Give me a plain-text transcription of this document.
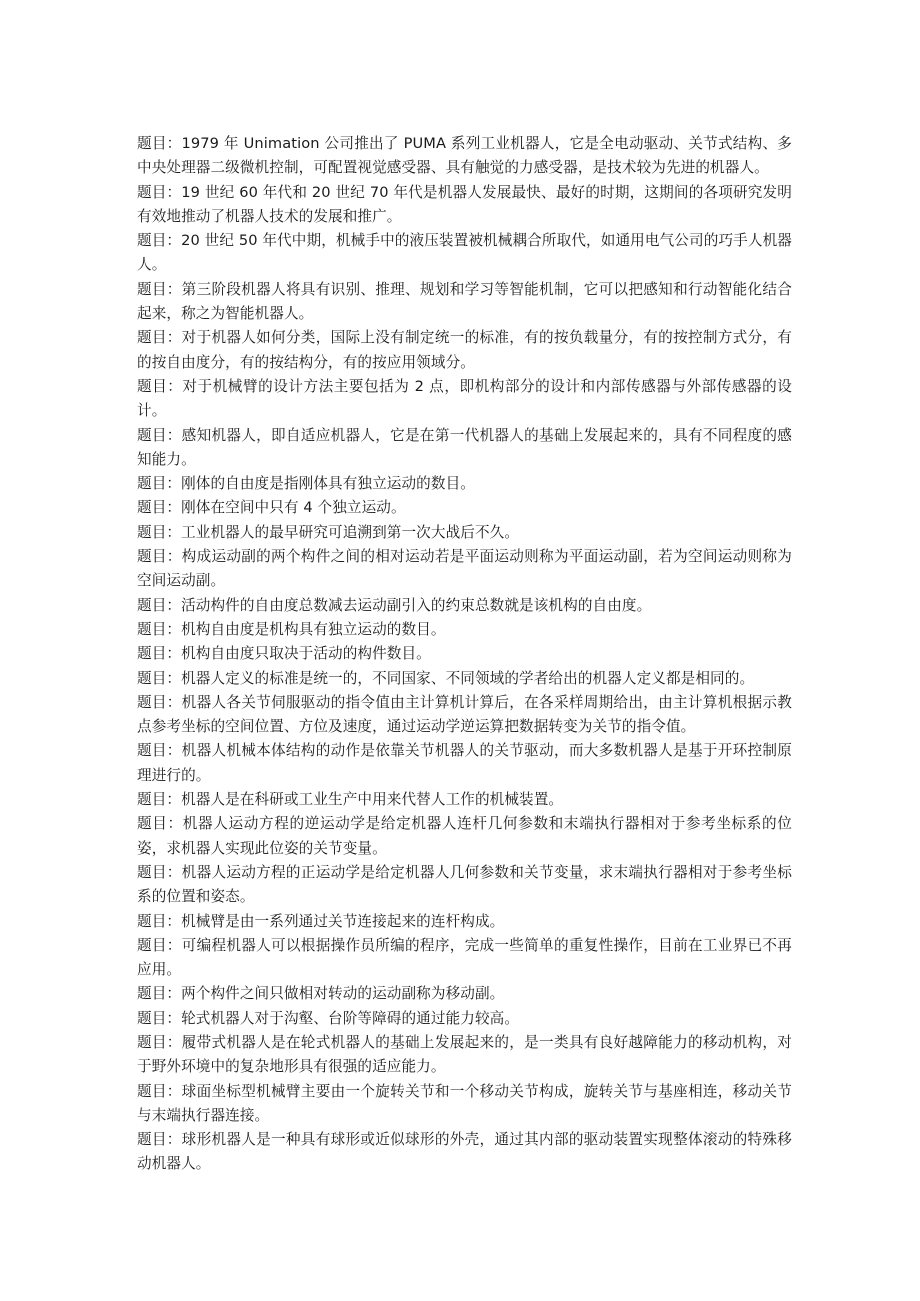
题目：1979 年 Unimation 公司推出了 PUMA 系列工业机器人，它是全电动驱动、关节式结构、多中央处理器二级微机控制，可配置视觉感受器、具有触觉的力感受器，是技术较为先进的机器人。

题目：19 世纪 60 年代和 20 世纪 70 年代是机器人发展最快、最好的时期，这期间的各项研究发明有效地推动了机器人技术的发展和推广。

题目：20 世纪 50 年代中期，机械手中的液压装置被机械耦合所取代，如通用电气公司的巧手人机器人。

题目：第三阶段机器人将具有识别、推理、规划和学习等智能机制，它可以把感知和行动智能化结合起来，称之为智能机器人。

题目：对于机器人如何分类，国际上没有制定统一的标准，有的按负载量分，有的按控制方式分，有的按自由度分，有的按结构分，有的按应用领域分。

题目：对于机械臂的设计方法主要包括为 2 点，即机构部分的设计和内部传感器与外部传感器的设计。

题目：感知机器人，即自适应机器人，它是在第一代机器人的基础上发展起来的，具有不同程度的感知能力。

题目：刚体的自由度是指刚体具有独立运动的数目。

题目：刚体在空间中只有 4 个独立运动。

题目：工业机器人的最早研究可追溯到第一次大战后不久。

题目：构成运动副的两个构件之间的相对运动若是平面运动则称为平面运动副，若为空间运动则称为空间运动副。

题目：活动构件的自由度总数减去运动副引入的约束总数就是该机构的自由度。

题目：机构自由度是机构具有独立运动的数目。

题目：机构自由度只取决于活动的构件数目。

题目：机器人定义的标准是统一的，不同国家、不同领域的学者给出的机器人定义都是相同的。

题目：机器人各关节伺服驱动的指令值由主计算机计算后，在各采样周期给出，由主计算机根据示教点参考坐标的空间位置、方位及速度，通过运动学逆运算把数据转变为关节的指令值。

题目：机器人机械本体结构的动作是依靠关节机器人的关节驱动，而大多数机器人是基于开环控制原理进行的。

题目：机器人是在科研或工业生产中用来代替人工作的机械装置。

题目：机器人运动方程的逆运动学是给定机器人连杆几何参数和末端执行器相对于参考坐标系的位姿，求机器人实现此位姿的关节变量。

题目：机器人运动方程的正运动学是给定机器人几何参数和关节变量，求末端执行器相对于参考坐标系的位置和姿态。

题目：机械臂是由一系列通过关节连接起来的连杆构成。

题目：可编程机器人可以根据操作员所编的程序，完成一些简单的重复性操作，目前在工业界已不再应用。

题目：两个构件之间只做相对转动的运动副称为移动副。

题目：轮式机器人对于沟壑、台阶等障碍的通过能力较高。

题目：履带式机器人是在轮式机器人的基础上发展起来的，是一类具有良好越障能力的移动机构，对于野外环境中的复杂地形具有很强的适应能力。

题目：球面坐标型机械臂主要由一个旋转关节和一个移动关节构成，旋转关节与基座相连，移动关节与末端执行器连接。

题目：球形机器人是一种具有球形或近似球形的外壳，通过其内部的驱动装置实现整体滚动的特殊移动机器人。
